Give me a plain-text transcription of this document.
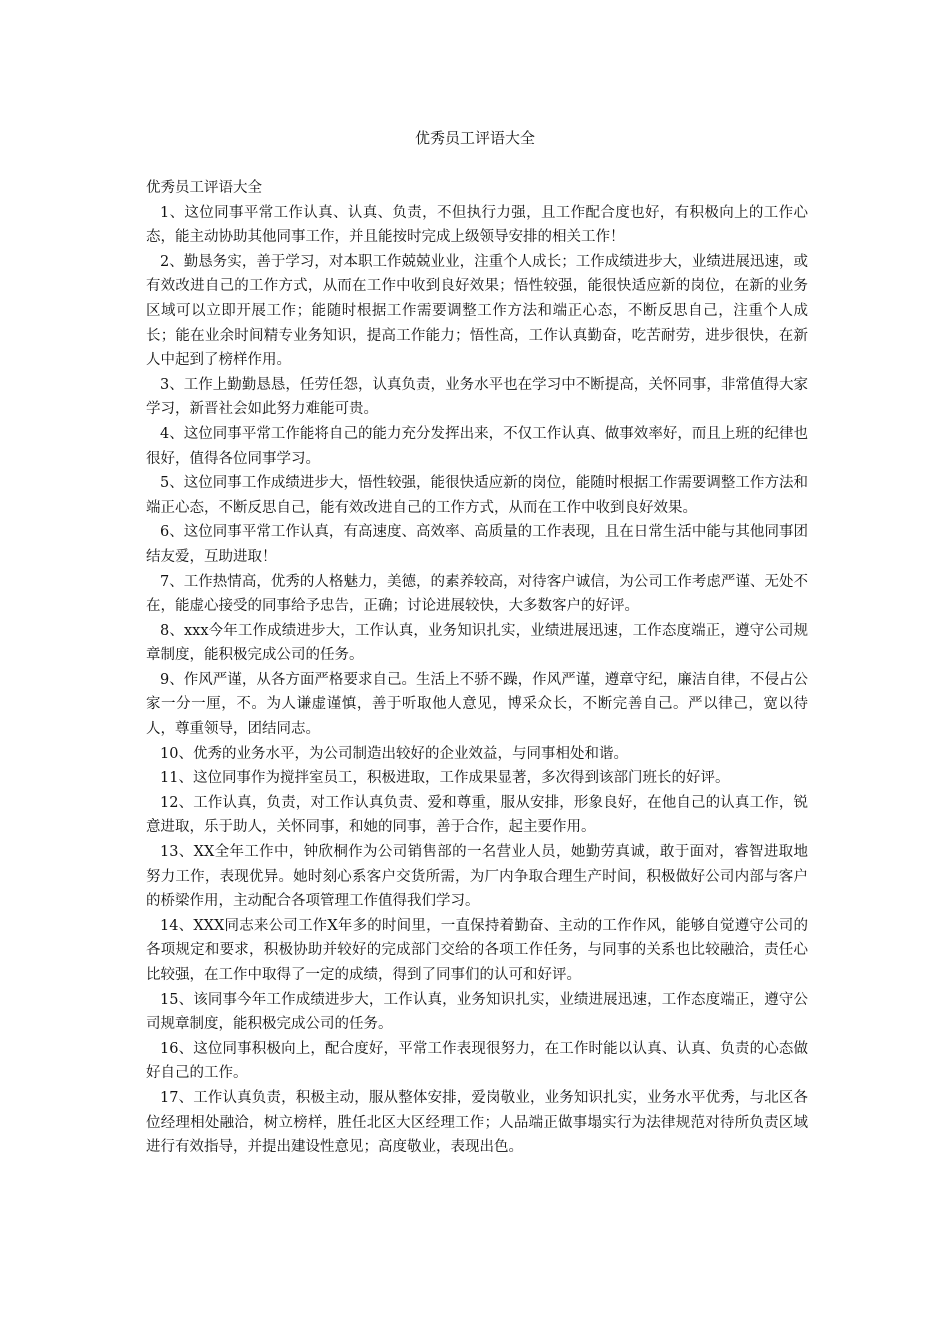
优秀员工评语大全

优秀员工评语大全

1、这位同事平常工作认真、认真、负责，不但执行力强，且工作配合度也好，有积极向上的工作心态，能主动协助其他同事工作，并且能按时完成上级领导安排的相关工作！

2、勤恳务实，善于学习，对本职工作兢兢业业，注重个人成长；工作成绩进步大，业绩进展迅速，或有效改进自己的工作方式，从而在工作中收到良好效果；悟性较强，能很快适应新的岗位，在新的业务区域可以立即开展工作；能随时根据工作需要调整工作方法和端正心态，不断反思自己，注重个人成长；能在业余时间精专业务知识，提高工作能力；悟性高，工作认真勤奋，吃苦耐劳，进步很快，在新人中起到了榜样作用。

3、工作上勤勤恳恳，任劳任怨，认真负责，业务水平也在学习中不断提高，关怀同事，非常值得大家学习，新晋社会如此努力难能可贵。

4、这位同事平常工作能将自己的能力充分发挥出来，不仅工作认真、做事效率好，而且上班的纪律也很好，值得各位同事学习。

5、这位同事工作成绩进步大，悟性较强，能很快适应新的岗位，能随时根据工作需要调整工作方法和端正心态，不断反思自己，能有效改进自己的工作方式，从而在工作中收到良好效果。

6、这位同事平常工作认真，有高速度、高效率、高质量的工作表现，且在日常生活中能与其他同事团结友爱，互助进取！

7、工作热情高，优秀的人格魅力，美德，的素养较高，对待客户诚信，为公司工作考虑严谨、无处不在，能虚心接受的同事给予忠告，正确；讨论进展较快，大多数客户的好评。

8、xxx今年工作成绩进步大，工作认真，业务知识扎实，业绩进展迅速，工作态度端正，遵守公司规章制度，能积极完成公司的任务。

9、作风严谨，从各方面严格要求自己。生活上不骄不躁，作风严谨，遵章守纪，廉洁自律，不侵占公家一分一厘，不。为人谦虚谨慎，善于听取他人意见，博采众长，不断完善自己。严以律己，宽以待人，尊重领导，团结同志。

10、优秀的业务水平，为公司制造出较好的企业效益，与同事相处和谐。

11、这位同事作为搅拌室员工，积极进取，工作成果显著，多次得到该部门班长的好评。

12、工作认真，负责，对工作认真负责、爱和尊重，服从安排，形象良好，在他自己的认真工作，锐意进取，乐于助人，关怀同事，和她的同事，善于合作，起主要作用。

13、XX全年工作中，钟欣桐作为公司销售部的一名营业人员，她勤劳真诚，敢于面对，睿智进取地努力工作，表现优异。她时刻心系客户交货所需，为厂内争取合理生产时间，积极做好公司内部与客户的桥梁作用，主动配合各项管理工作值得我们学习。

14、XXX同志来公司工作X年多的时间里，一直保持着勤奋、主动的工作作风，能够自觉遵守公司的各项规定和要求，积极协助并较好的完成部门交给的各项工作任务，与同事的关系也比较融洽，责任心比较强，在工作中取得了一定的成绩，得到了同事们的认可和好评。

15、该同事今年工作成绩进步大，工作认真，业务知识扎实，业绩进展迅速，工作态度端正，遵守公司规章制度，能积极完成公司的任务。

16、这位同事积极向上，配合度好，平常工作表现很努力，在工作时能以认真、认真、负责的心态做好自己的工作。

17、工作认真负责，积极主动，服从整体安排，爱岗敬业，业务知识扎实，业务水平优秀，与北区各位经理相处融洽，树立榜样，胜任北区大区经理工作；人品端正做事塌实行为法律规范对待所负责区域进行有效指导，并提出建设性意见；高度敬业，表现出色。
